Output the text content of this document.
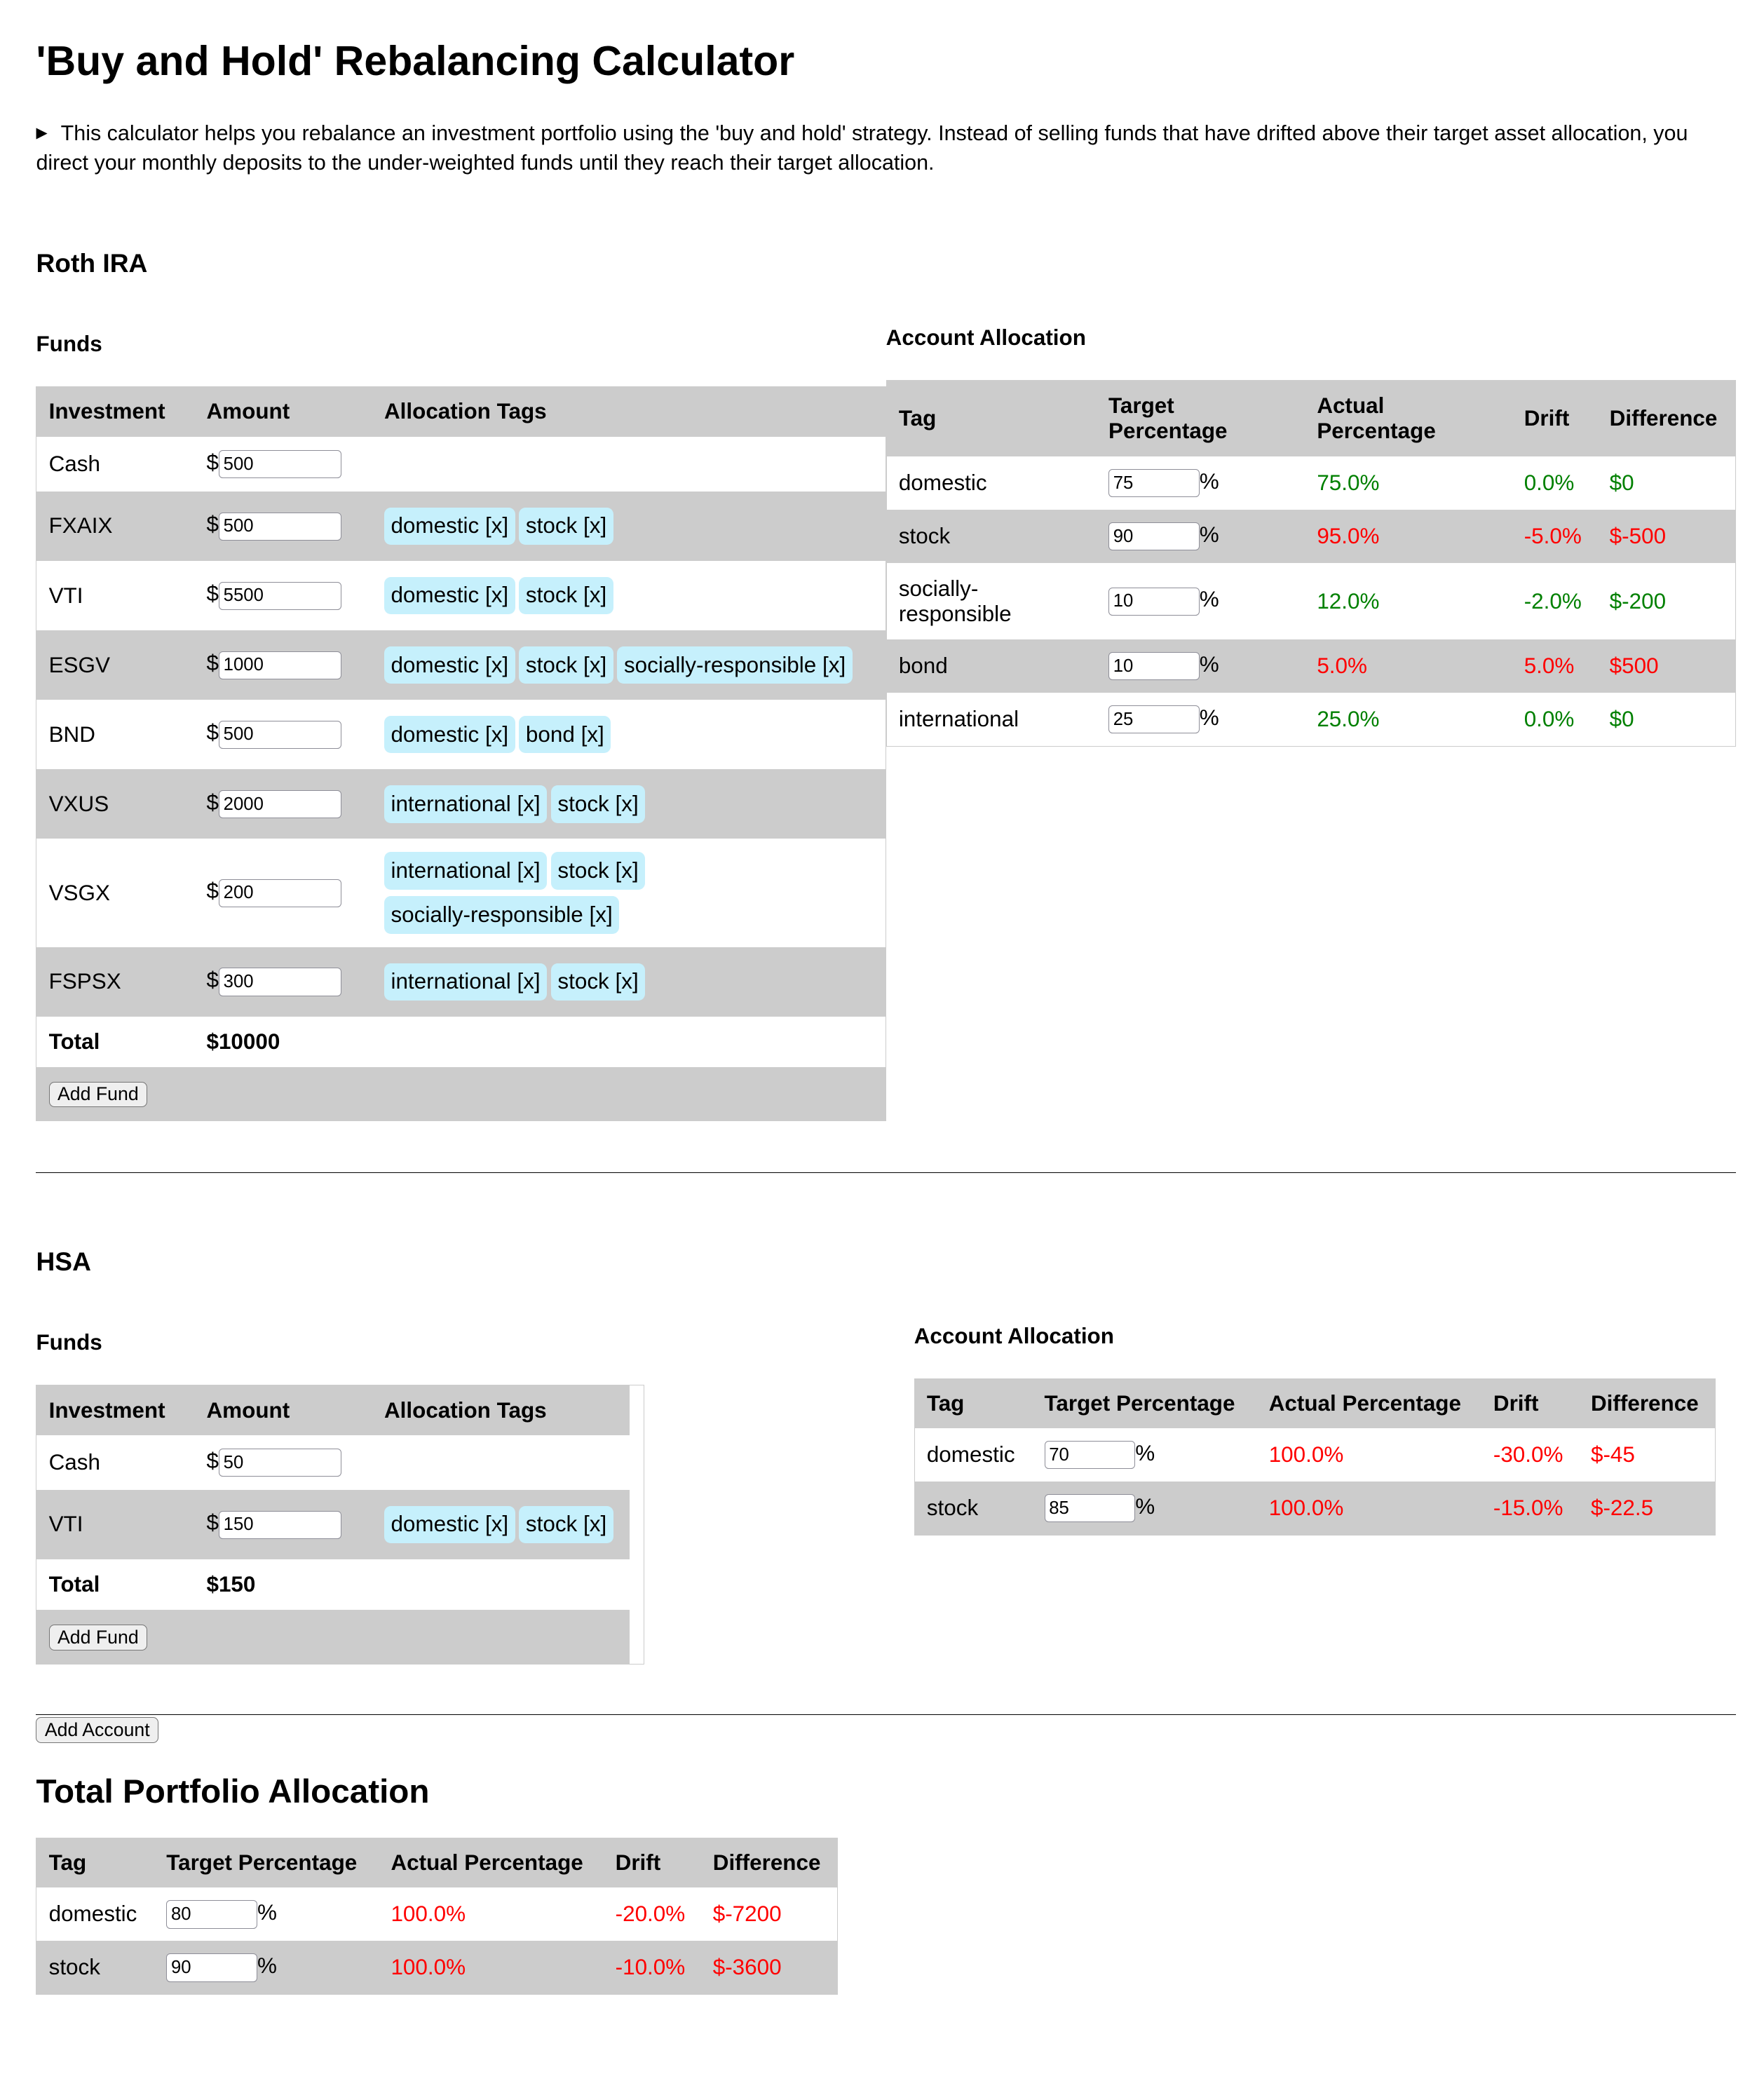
'Buy and Hold' Rebalancing Calculator
▶ This calculator helps you rebalance an investment portfolio using the 'buy and hold' strategy. Instead of selling funds that have drifted above their target asset allocation, you direct your monthly deposits to the under-weighted funds until they reach their target allocation.
Roth IRA
Funds
Investment	Amount	Allocation Tags
Cash	$500	
FXAIX	$500	domestic [x] stock [x]
VTI	$5500	domestic [x] stock [x]
ESGV	$1000	domestic [x] stock [x] socially-responsible [x]
BND	$500	domestic [x] bond [x]
VXUS	$2000	international [x] stock [x]
VSGX	$200	international [x] stock [x]socially-responsible [x]
FSPSX	$300	international [x] stock [x]
Total	$10000	
Add Fund		
Account Allocation
Tag	Target Percentage	Actual Percentage	Drift	Difference
domestic	75%	75.0%	0.0%	$0
stock	90%	95.0%	-5.0%	$-500
socially-responsible	10%	12.0%	-2.0%	$-200
bond	10%	5.0%	5.0%	$500
international	25%	25.0%	0.0%	$0
HSA
Funds
Investment	Amount	Allocation Tags
Cash	$50	
VTI	$150	domestic [x] stock [x]
Total	$150	
Add Fund		
Account Allocation
Tag	Target Percentage	Actual Percentage	Drift	Difference
domestic	70%	100.0%	-30.0%	$-45
stock	85%	100.0%	-15.0%	$-22.5
Add Account
Total Portfolio Allocation
Tag	Target Percentage	Actual Percentage	Drift	Difference
domestic	80%	100.0%	-20.0%	$-7200
stock	90%	100.0%	-10.0%	$-3600
